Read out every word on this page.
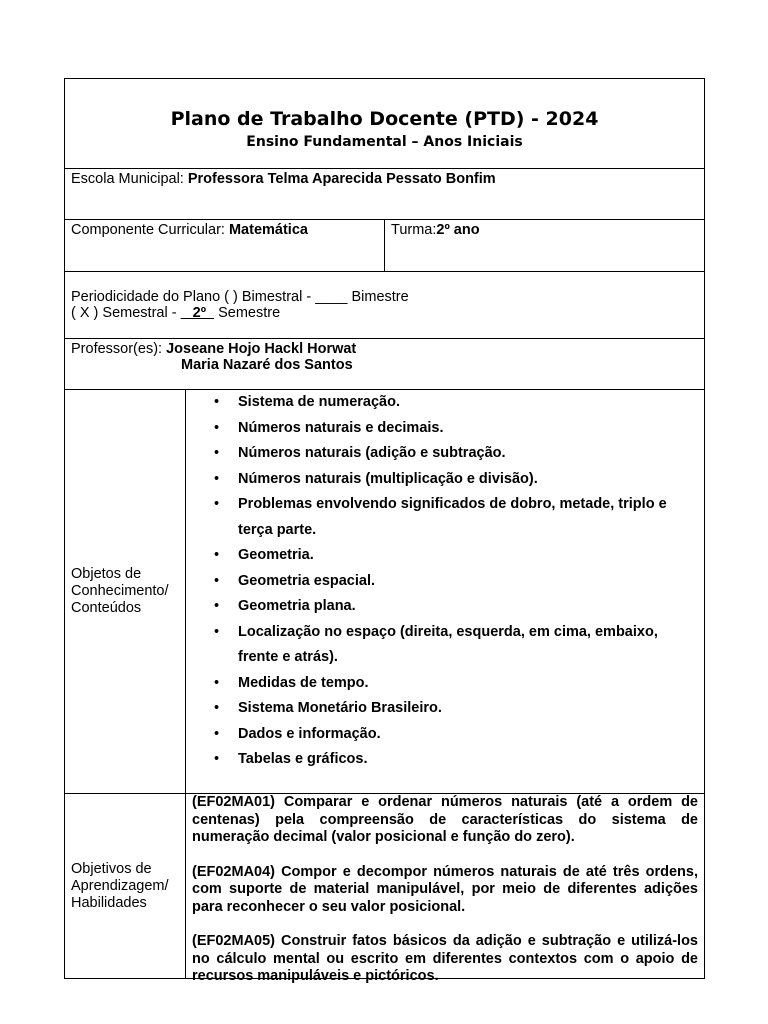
Plano de Trabalho Docente (PTD) - 2024
Ensino Fundamental – Anos Iniciais
Escola Municipal: Professora Telma Aparecida Pessato Bonfim
Componente Curricular: Matemática	Turma:2º ano
Periodicidade do Plano ( ) Bimestral - ____ Bimestre
( X ) Semestral -    2º   Semestre
Professor(es): Joseane Hojo Hackl Horwat
Maria Nazaré dos Santos
Objetos de Conhecimento/ Conteúdos
• Sistema de numeração.
• Números naturais e decimais.
• Números naturais (adição e subtração.
• Números naturais (multiplicação e divisão).
• Problemas envolvendo significados de dobro, metade, triplo e terça parte.
• Geometria.
• Geometria espacial.
• Geometria plana.
• Localização no espaço (direita, esquerda, em cima, embaixo, frente e atrás).
• Medidas de tempo.
• Sistema Monetário Brasileiro.
• Dados e informação.
• Tabelas e gráficos.
Objetivos de Aprendizagem/ Habilidades

(EF02MA01) Comparar e ordenar números naturais (até a ordem de centenas) pela compreensão de características do sistema de numeração decimal (valor posicional e função do zero).

(EF02MA04) Compor e decompor números naturais de até três ordens, com suporte de material manipulável, por meio de diferentes adições para reconhecer o seu valor posicional.

(EF02MA05) Construir fatos básicos da adição e subtração e utilizá-los no cálculo mental ou escrito em diferentes contextos com o apoio de recursos manipuláveis e pictóricos.
